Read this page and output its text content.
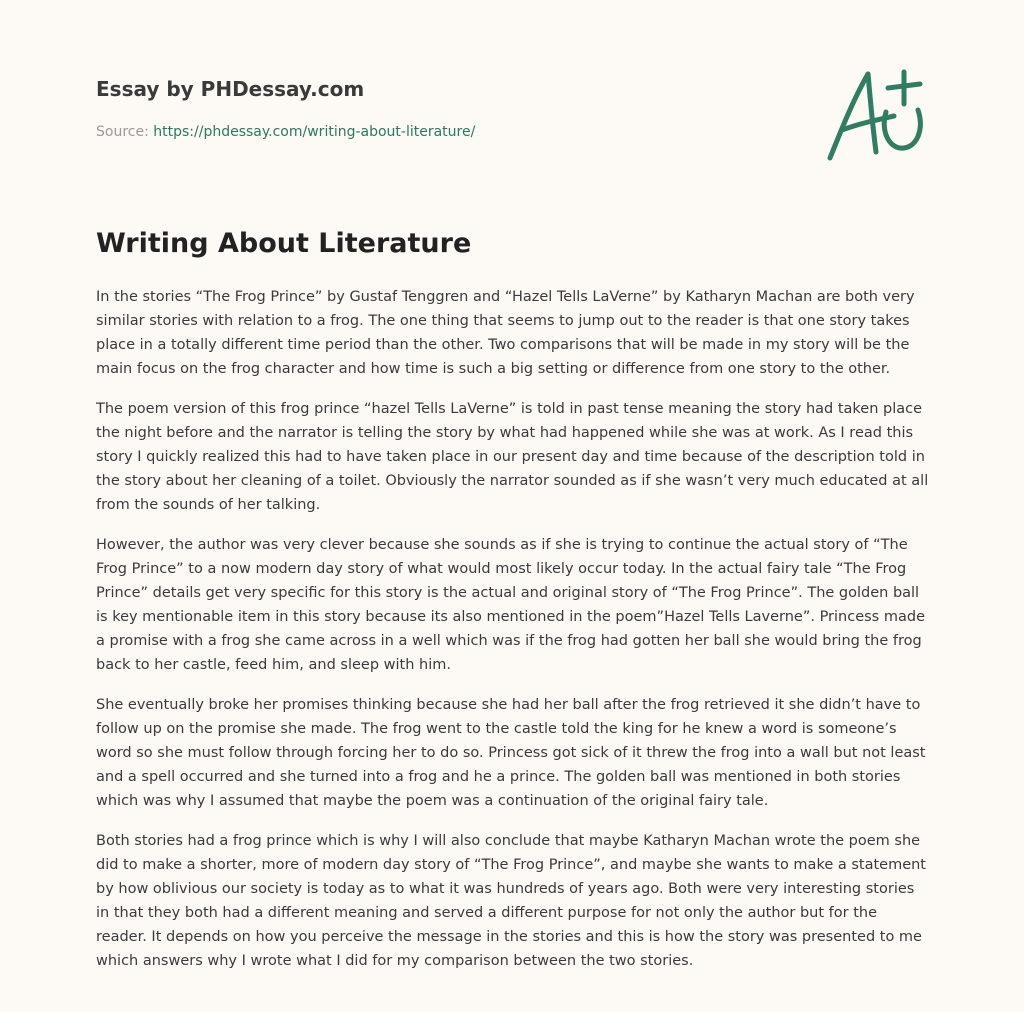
Essay by PHDessay.com
Source: https://phdessay.com/writing-about-literature/
Writing About Literature

In the stories “The Frog Prince” by Gustaf Tenggren and “Hazel Tells LaVerne” by Katharyn Machan are both very similar stories with relation to a frog. The one thing that seems to jump out to the reader is that one story takes place in a totally different time period than the other. Two comparisons that will be made in my story will be the main focus on the frog character and how time is such a big setting or difference from one story to the other.

The poem version of this frog prince “hazel Tells LaVerne” is told in past tense meaning the story had taken place the night before and the narrator is telling the story by what had happened while she was at work. As I read this story I quickly realized this had to have taken place in our present day and time because of the description told in the story about her cleaning of a toilet. Obviously the narrator sounded as if she wasn’t very much educated at all from the sounds of her talking.

However, the author was very clever because she sounds as if she is trying to continue the actual story of “The Frog Prince” to a now modern day story of what would most likely occur today. In the actual fairy tale “The Frog Prince” details get very specific for this story is the actual and original story of “The Frog Prince”. The golden ball is key mentionable item in this story because its also mentioned in the poem”Hazel Tells Laverne”. Princess made a promise with a frog she came across in a well which was if the frog had gotten her ball she would bring the frog back to her castle, feed him, and sleep with him.

She eventually broke her promises thinking because she had her ball after the frog retrieved it she didn’t have to follow up on the promise she made. The frog went to the castle told the king for he knew a word is someone’s word so she must follow through forcing her to do so. Princess got sick of it threw the frog into a wall but not least and a spell occurred and she turned into a frog and he a prince. The golden ball was mentioned in both stories which was why I assumed that maybe the poem was a continuation of the original fairy tale.

Both stories had a frog prince which is why I will also conclude that maybe Katharyn Machan wrote the poem she did to make a shorter, more of modern day story of “The Frog Prince”, and maybe she wants to make a statement by how oblivious our society is today as to what it was hundreds of years ago. Both were very interesting stories in that they both had a different meaning and served a different purpose for not only the author but for the reader. It depends on how you perceive the message in the stories and this is how the story was presented to me which answers why I wrote what I did for my comparison between the two stories.
